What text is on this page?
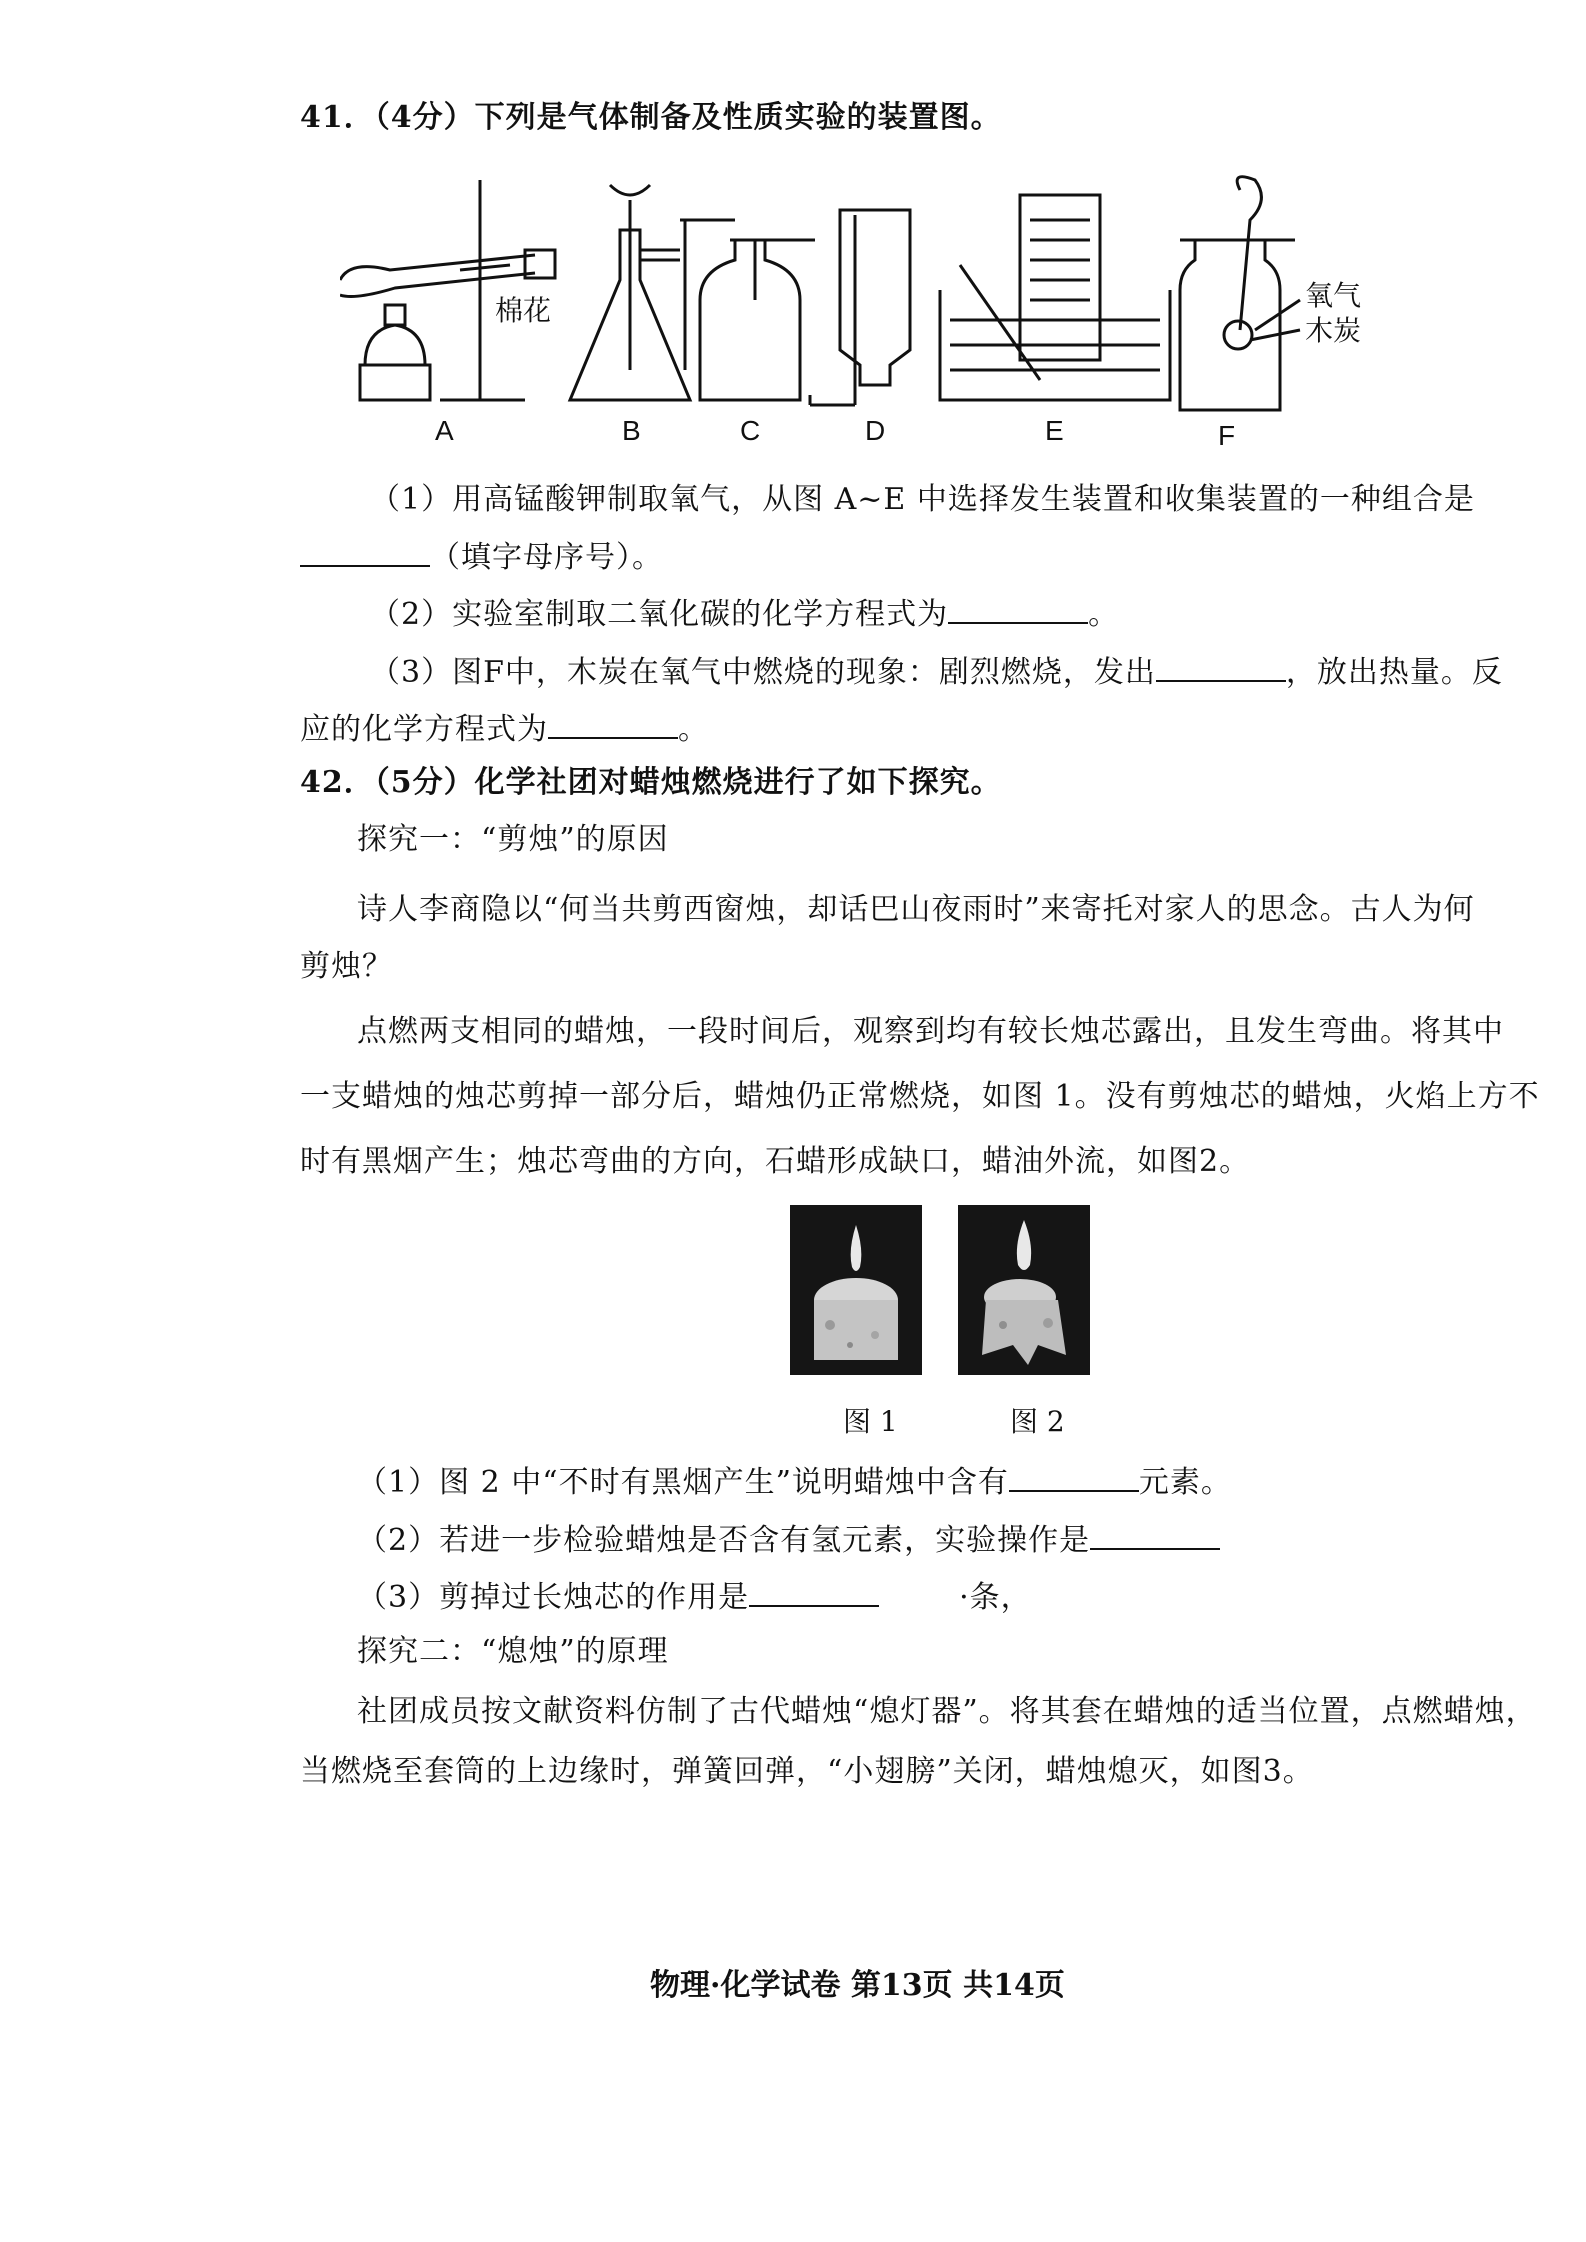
41．（4分）下列是气体制备及性质实验的装置图。
棉花	氧气
木炭
A	B	C	D	E	F
（1）用高锰酸钾制取氧气，从图 A~E 中选择发生装置和收集装置的一种组合是
（填字母序号）。
（2）实验室制取二氧化碳的化学方程式为	。
（3）图F中，木炭在氧气中燃烧的现象：剧烈燃烧，发出	，放出热量。反
应的化学方程式为	。
42．（5分）化学社团对蜡烛燃烧进行了如下探究。
探究一：“剪烛”的原因
诗人李商隐以“何当共剪西窗烛，却话巴山夜雨时”来寄托对家人的思念。古人为何
剪烛？
点燃两支相同的蜡烛，一段时间后，观察到均有较长烛芯露出，且发生弯曲。将其中
一支蜡烛的烛芯剪掉一部分后，蜡烛仍正常燃烧，如图 1。没有剪烛芯的蜡烛，火焰上方不
时有黑烟产生；烛芯弯曲的方向，石蜡形成缺口，蜡油外流，如图2。
图 1	图 2
（1）图 2 中“不时有黑烟产生”说明蜡烛中含有	元素。
（2）若进一步检验蜡烛是否含有氢元素，实验操作是
（3）剪掉过长烛芯的作用是	·条，
探究二：“熄烛”的原理
社团成员按文献资料仿制了古代蜡烛“熄灯器”。将其套在蜡烛的适当位置，点燃蜡烛，
当燃烧至套筒的上边缘时，弹簧回弹，“小翅膀”关闭，蜡烛熄灭，如图3。
物理·化学试卷 第13页 共14页
